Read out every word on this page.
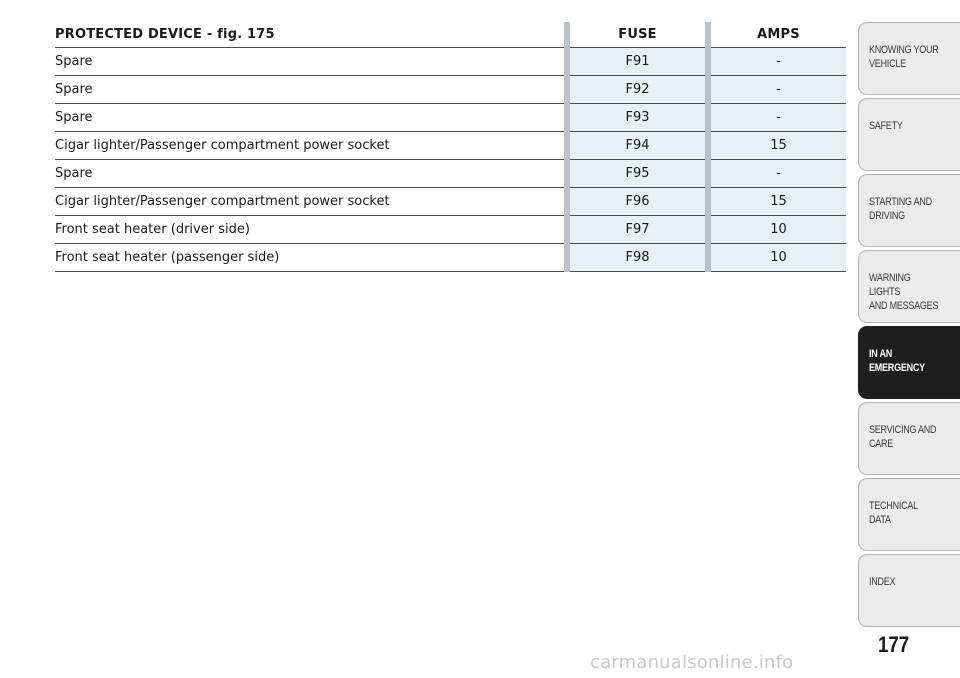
PROTECTED DEVICE - fig. 175		FUSE		AMPS
Spare		F91		-
Spare		F92		-
Spare		F93		-
Cigar lighter/Passenger compartment power socket		F94		15
Spare		F95		-
Cigar lighter/Passenger compartment power socket		F96		15
Front seat heater (driver side)		F97		10
Front seat heater (passenger side)		F98		10
KNOWING YOUR
VEHICLE
SAFETY
STARTING AND
DRIVING
WARNING LIGHTS
AND MESSAGES
IN AN
EMERGENCY
SERVICING AND
CARE
TECHNICAL DATA
INDEX
177
carmanualsonline.info
